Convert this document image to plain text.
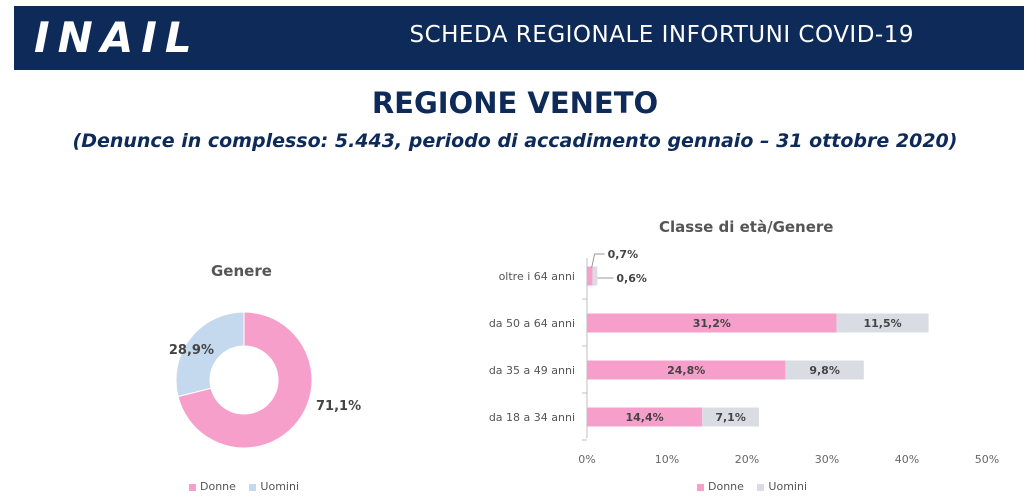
INAIL	SCHEDA REGIONALE INFORTUNI COVID-19
REGIONE VENETO
(Denunce in complesso: 5.443, periodo di accadimento gennaio – 31 ottobre 2020)
Genere
Classe di età/Genere
71,1%
28,9%
0%	10%	20%	30%	40%	50%
oltre i 64 anni
0,7%
0,6%
da 50 a 64 anni	31,2%	11,5%
da 35 a 49 anni	24,8%	9,8%
da 18 a 34 anni	14,4%	7,1%
Donne Uomini	Donne Uomini
